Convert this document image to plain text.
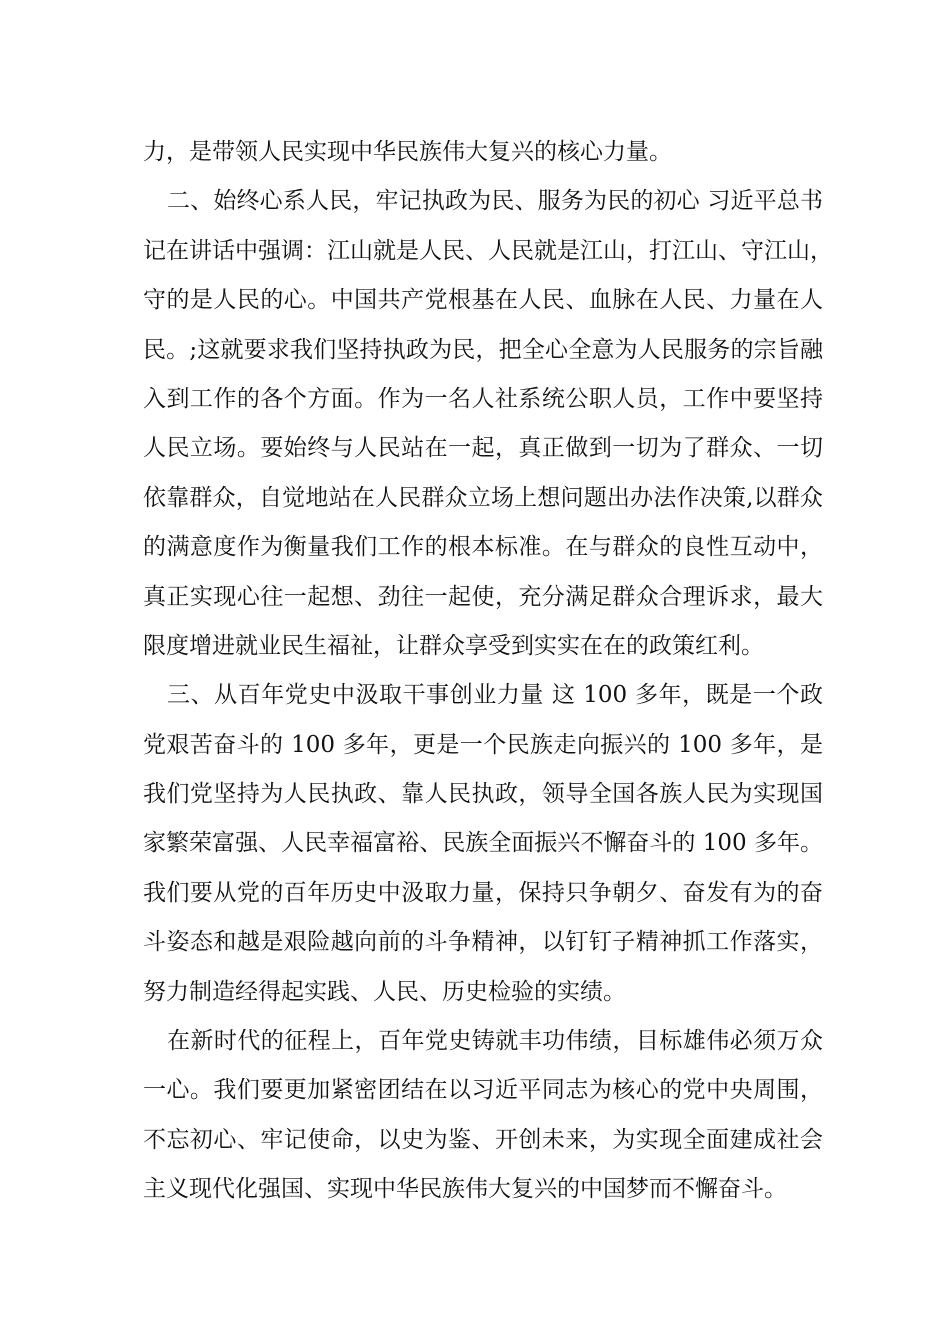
力，是带领人民实现中华民族伟大复兴的核心力量。
二、始终心系人民，牢记执政为民、服务为民的初心 习近平总书
记在讲话中强调：江山就是人民、人民就是江山，打江山、守江山，
守的是人民的心。中国共产党根基在人民、血脉在人民、力量在人
民。;这就要求我们坚持执政为民，把全心全意为人民服务的宗旨融
入到工作的各个方面。作为一名人社系统公职人员，工作中要坚持
人民立场。要始终与人民站在一起，真正做到一切为了群众、一切
依靠群众，自觉地站在人民群众立场上想问题出办法作决策,以群众
的满意度作为衡量我们工作的根本标准。在与群众的良性互动中，
真正实现心往一起想、劲往一起使，充分满足群众合理诉求，最大
限度增进就业民生福祉，让群众享受到实实在在的政策红利。
三、从百年党史中汲取干事创业力量 这 100 多年，既是一个政
党艰苦奋斗的 100 多年，更是一个民族走向振兴的 100 多年，是
我们党坚持为人民执政、靠人民执政，领导全国各族人民为实现国
家繁荣富强、人民幸福富裕、民族全面振兴不懈奋斗的 100 多年。
我们要从党的百年历史中汲取力量，保持只争朝夕、奋发有为的奋
斗姿态和越是艰险越向前的斗争精神，以钉钉子精神抓工作落实，
努力制造经得起实践、人民、历史检验的实绩。
在新时代的征程上，百年党史铸就丰功伟绩，目标雄伟必须万众
一心。我们要更加紧密团结在以习近平同志为核心的党中央周围，
不忘初心、牢记使命，以史为鉴、开创未来，为实现全面建成社会
主义现代化强国、实现中华民族伟大复兴的中国梦而不懈奋斗。
